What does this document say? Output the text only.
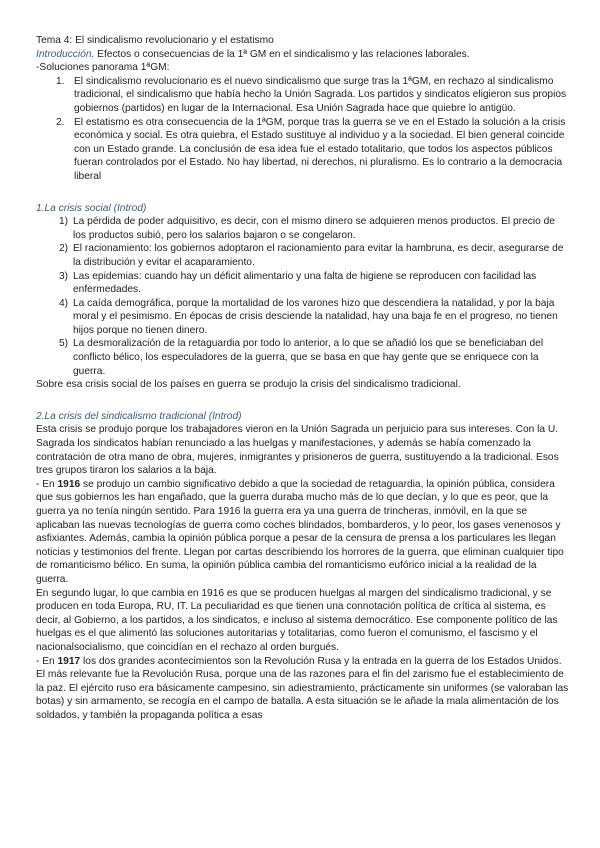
Tema 4: El sindicalismo revolucionario y el estatismo

Introducción. Efectos o consecuencias de la 1ª GM en el sindicalismo y las relaciones laborales.

-Soluciones panorama 1ªGM:

1. El sindicalismo revolucionario es el nuevo sindicalismo que surge tras la 1ªGM, en rechazo al sindicalismo tradicional, el sindicalismo que había hecho la Unión Sagrada. Los partidos y sindicatos eligieron sus propios gobiernos (partidos) en lugar de la Internacional. Esa Unión Sagrada hace que quiebre lo antigüo.
2. El estatismo es otra consecuencia de la 1ªGM, porque tras la guerra se ve en el Estado la solución a la crisis económica y social. Es otra quiebra, el Estado sustituye al individuo y a la sociedad. El bien general coincide con un Estado grande. La conclusión de esa idea fue el estado totalitario, que todos los aspectos públicos fueran controlados por el Estado. No hay libertad, ni derechos, ni pluralismo. Es lo contrario a la democracia liberal

1.La crisis social (Introd)

1) La pérdida de poder adquisitivo, es decir, con el mismo dinero se adquieren menos productos. El precio de los productos subió, pero los salarios bajaron o se congelaron.
2) El racionamiento: los gobiernos adoptaron el racionamiento para evitar la hambruna, es decir, asegurarse de la distribución y evitar el acaparamiento.
3) Las epidemias: cuando hay un déficit alimentario y una falta de higiene se reproducen con facilidad las enfermedades.
4) La caída demográfica, porque la mortalidad de los varones hizo que descendiera la natalidad, y por la baja moral y el pesimismo. En épocas de crisis desciende la natalidad, hay una baja fe en el progreso, no tienen hijos porque no tienen dinero.
5) La desmoralización de la retaguardia por todo lo anterior, a lo que se añadió los que se beneficiaban del conflicto bélico, los especuladores de la guerra, que se basa en que hay gente que se enriquece con la guerra.

Sobre esa crisis social de los países en guerra se produjo la crisis del sindicalismo tradicional.

2.La crisis del sindicalismo tradicional (Introd)

Esta crisis se produjo porque los trabajadores vieron en la Unión Sagrada un perjuicio para sus intereses. Con la U. Sagrada los sindicatos habían renunciado a las huelgas y manifestaciones, y además se había comenzado la contratación de otra mano de obra, mujeres, inmigrantes y prisioneros de guerra, sustituyendo a la tradicional. Esos tres grupos tiraron los salarios a la baja.

- En 1916 se produjo un cambio significativo debido a que la sociedad de retaguardia, la opinión pública, considera que sus gobiernos les han engañado, que la guerra duraba mucho más de lo que decían, y lo que es peor, que la guerra ya no tenía ningún sentido. Para 1916 la guerra era ya una guerra de trincheras, inmóvil, en la que se aplicaban las nuevas tecnologías de guerra como coches blindados, bombarderos, y lo peor, los gases venenosos y asfixiantes. Además, cambia la opinión pública porque a pesar de la censura de prensa a los particulares les llegan noticias y testimonios del frente. Llegan por cartas describiendo los horrores de la guerra, que eliminan cualquier tipo de romanticismo bélico. En suma, la opinión pública cambia del romanticismo eufórico inicial a la realidad de la guerra.

En segundo lugar, lo que cambia en 1916 es que se producen huelgas al margen del sindicalismo tradicional, y se producen en toda Europa, RU, IT. La peculiaridad es que tienen una connotación política de crítica al sistema, es decir, al Gobierno, a los partidos, a los sindicatos, e incluso al sistema democrático. Ese componente político de las huelgas es el que alimentó las soluciones autoritarias y totalitarias, como fueron el comunismo, el fascismo y el nacionalsocialismo, que coincidían en el rechazo al orden burgués.

- En 1917 los dos grandes acontecimientos son la Revolución Rusa y la entrada en la guerra de los Estados Unidos. El más relevante fue la Revolución Rusa, porque una de las razones para el fin del zarismo fue el establecimiento de la paz. El ejército ruso era básicamente campesino, sin adiestramiento, prácticamente sin uniformes (se valoraban las botas) y sin armamento, se recogía en el campo de batalla. A esta situación se le añade la mala alimentación de los soldados, y también la propaganda política a esas
